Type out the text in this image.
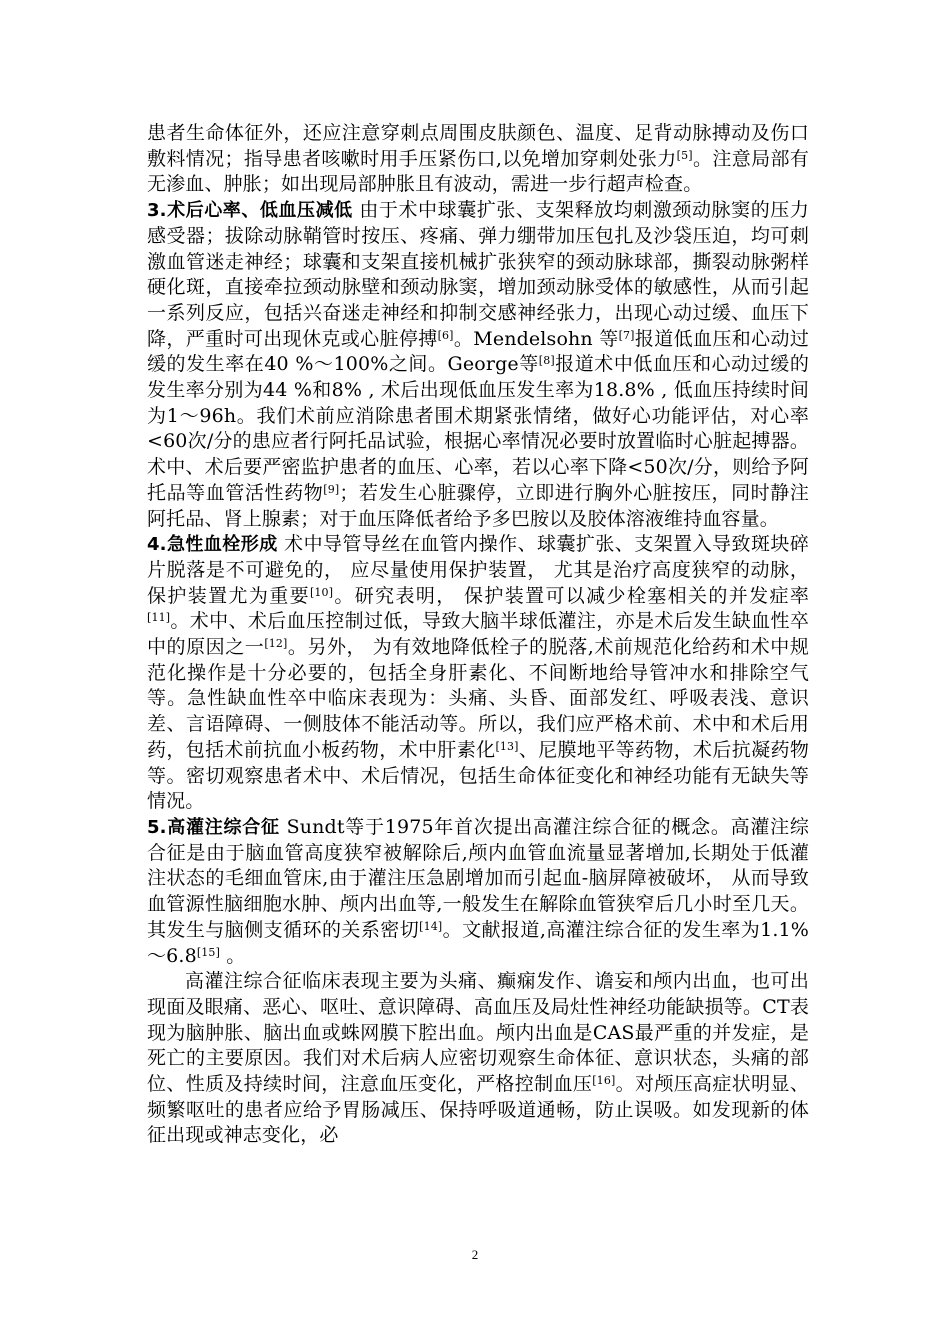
患者生命体征外，还应注意穿刺点周围皮肤颜色、温度、足背动脉搏动及伤口敷料情况；指导患者咳嗽时用手压紧伤口,以免增加穿刺处张力[5]。注意局部有无渗血、肿胀；如出现局部肿胀且有波动，需进一步行超声检查。

3.术后心率、低血压减低 由于术中球囊扩张、支架释放均刺激颈动脉窦的压力感受器；拔除动脉鞘管时按压、疼痛、弹力绷带加压包扎及沙袋压迫，均可刺激血管迷走神经；球囊和支架直接机械扩张狭窄的颈动脉球部，撕裂动脉粥样硬化斑，直接牵拉颈动脉壁和颈动脉窦，增加颈动脉受体的敏感性，从而引起一系列反应，包括兴奋迷走神经和抑制交感神经张力，出现心动过缓、血压下降，严重时可出现休克或心脏停搏[6]。Mendelsohn 等[7]报道低血压和心动过缓的发生率在40 %～100%之间。George等[8]报道术中低血压和心动过缓的发生率分别为44 %和8% , 术后出现低血压发生率为18.8% , 低血压持续时间为1～96h。我们术前应消除患者围术期紧张情绪，做好心功能评估，对心率<60次/分的患应者行阿托品试验，根据心率情况必要时放置临时心脏起搏器。术中、术后要严密监护患者的血压、心率，若以心率下降<50次/分，则给予阿托品等血管活性药物[9]；若发生心脏骤停，立即进行胸外心脏按压，同时静注阿托品、肾上腺素；对于血压降低者给予多巴胺以及胶体溶液维持血容量。

4.急性血栓形成 术中导管导丝在血管内操作、球囊扩张、支架置入导致斑块碎片脱落是不可避免的， 应尽量使用保护装置， 尤其是治疗高度狭窄的动脉， 保护装置尤为重要[10]。研究表明， 保护装置可以减少栓塞相关的并发症率[11]。术中、术后血压控制过低，导致大脑半球低灌注，亦是术后发生缺血性卒中的原因之一[12]。另外， 为有效地降低栓子的脱落,术前规范化给药和术中规范化操作是十分必要的，包括全身肝素化、不间断地给导管冲水和排除空气等。急性缺血性卒中临床表现为：头痛、头昏、面部发红、呼吸表浅、意识差、言语障碍、一侧肢体不能活动等。所以，我们应严格术前、术中和术后用药，包括术前抗血小板药物，术中肝素化[13]、尼膜地平等药物，术后抗凝药物等。密切观察患者术中、术后情况，包括生命体征变化和神经功能有无缺失等情况。

5.高灌注综合征 Sundt等于1975年首次提出高灌注综合征的概念。高灌注综合征是由于脑血管高度狭窄被解除后,颅内血管血流量显著增加,长期处于低灌注状态的毛细血管床,由于灌注压急剧增加而引起血-脑屏障被破坏， 从而导致血管源性脑细胞水肿、颅内出血等,一般发生在解除血管狭窄后几小时至几天。其发生与脑侧支循环的关系密切[14]。文献报道,高灌注综合征的发生率为1.1%～6.8[15] 。

高灌注综合征临床表现主要为头痛、癫痫发作、谵妄和颅内出血，也可出现面及眼痛、恶心、呕吐、意识障碍、高血压及局灶性神经功能缺损等。CT表现为脑肿胀、脑出血或蛛网膜下腔出血。颅内出血是CAS最严重的并发症，是死亡的主要原因。我们对术后病人应密切观察生命体征、意识状态，头痛的部位、性质及持续时间，注意血压变化，严格控制血压[16]。对颅压高症状明显、频繁呕吐的患者应给予胃肠减压、保持呼吸道通畅，防止误吸。如发现新的体征出现或神志变化，必

2
